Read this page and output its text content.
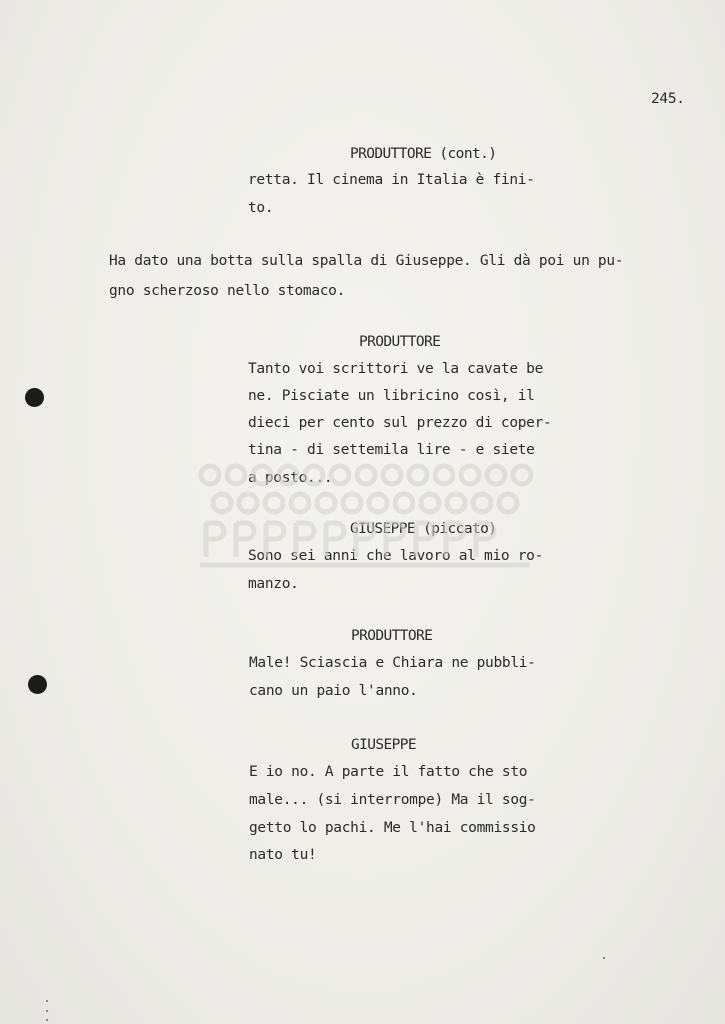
245.
PRODUTTORE (cont.)
retta. Il cinema in Italia è fini-
to.
Ha dato una botta sulla spalla di Giuseppe. Gli dà poi un pu-
gno scherzoso nello stomaco.
PRODUTTORE
Tanto voi scrittori ve la cavate be
ne. Pisciate un libricino così, il
dieci per cento sul prezzo di coper-
tina - di settemila lire - e siete
a posto...
GIUSEPPE (piccato)
Sono sei anni che lavoro al mio ro-
manzo.
PRODUTTORE
Male! Sciascia e Chiara ne pubbli-
cano un paio l'anno.
GIUSEPPE
E io no. A parte il fatto che sto
male... (si interrompe) Ma il sog-
getto lo pachi. Me l'hai commissio
nato tu!
